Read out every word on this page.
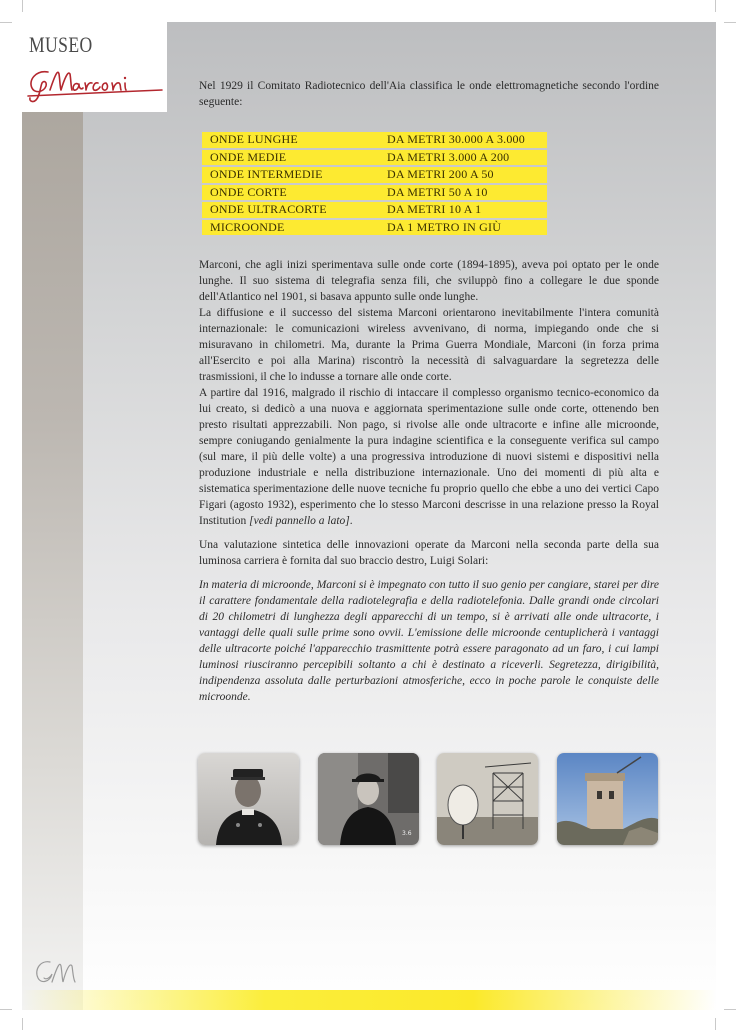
MUSEO

Nel 1929 il Comitato Radiotecnico dell'Aia classifica le onde elettromagnetiche secondo l'ordine seguente:

ONDE LUNGHE	DA METRI 30.000 A 3.000
ONDE MEDIE	DA METRI 3.000 A 200
ONDE INTERMEDIE	DA METRI 200 A 50
ONDE CORTE	DA METRI 50 A 10
ONDE ULTRACORTE	DA METRI 10 A 1
MICROONDE	DA 1 METRO IN GIÙ

Marconi, che agli inizi sperimentava sulle onde corte (1894-1895), aveva poi optato per le onde lunghe. Il suo sistema di telegrafia senza fili, che sviluppò fino a collegare le due sponde dell'Atlantico nel 1901, si basava appunto sulle onde lunghe.

La diffusione e il successo del sistema Marconi orientarono inevitabilmente l'intera comunità internazionale: le comunicazioni wireless avvenivano, di norma, impiegando onde che si misuravano in chilometri. Ma, durante la Prima Guerra Mondiale, Marconi (in forza prima all'Esercito e poi alla Marina) riscontrò la necessità di salvaguardare la segretezza delle trasmissioni, il che lo indusse a tornare alle onde corte.

A partire dal 1916, malgrado il rischio di intaccare il complesso organismo tecnico-economico da lui creato, si dedicò a una nuova e aggiornata sperimentazione sulle onde corte, ottenendo ben presto risultati apprezzabili. Non pago, si rivolse alle onde ultracorte e infine alle microonde, sempre coniugando genialmente la pura indagine scientifica e la conseguente verifica sul campo (sul mare, il più delle volte) a una progressiva introduzione di nuovi sistemi e dispositivi nella produzione industriale e nella distribuzione internazionale. Uno dei momenti di più alta e sistematica sperimentazione delle nuove tecniche fu proprio quello che ebbe a uno dei vertici Capo Figari (agosto 1932), esperimento che lo stesso Marconi descrisse in una relazione presso la Royal Institution [vedi pannello a lato].

Una valutazione sintetica delle innovazioni operate da Marconi nella seconda parte della sua luminosa carriera è fornita dal suo braccio destro, Luigi Solari:

In materia di microonde, Marconi si è impegnato con tutto il suo genio per cangiare, starei per dire il carattere fondamentale della radiotelegrafia e della radiotelefonia. Dalle grandi onde circolari di 20 chilometri di lunghezza degli apparecchi di un tempo, si è arrivati alle onde ultracorte, i vantaggi delle quali sulle prime sono ovvii. L'emissione delle microonde centuplicherà i vantaggi delle ultracorte poiché l'apparecchio trasmittente potrà essere paragonato ad un faro, i cui lampi luminosi riusciranno percepibili soltanto a chi è destinato a riceverli. Segretezza, dirigibilità, indipendenza assoluta dalle perturbazioni atmosferiche, ecco in poche parole le conquiste delle microonde.

3.6
